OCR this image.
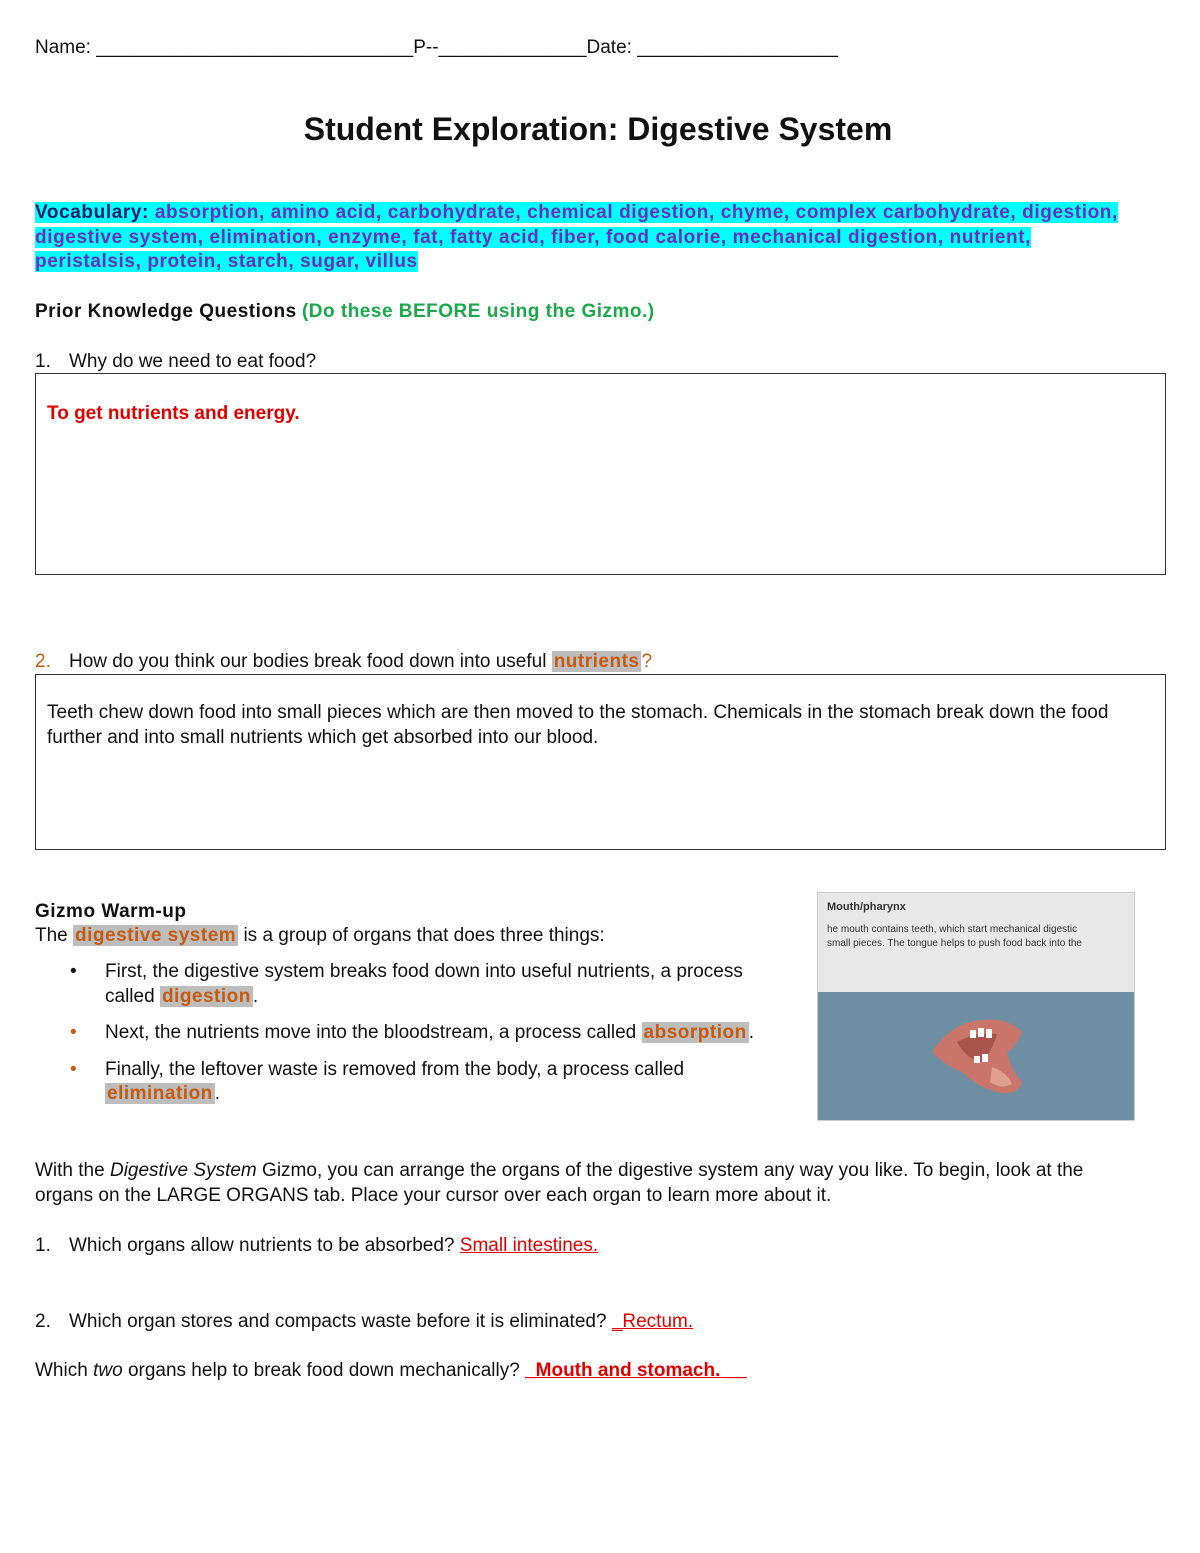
Name: ______________________________P--______________Date: ___________________
Student Exploration: Digestive System
Vocabulary: absorption, amino acid, carbohydrate, chemical digestion, chyme, complex carbohydrate, digestion, digestive system, elimination, enzyme, fat, fatty acid, fiber, food calorie, mechanical digestion, nutrient, peristalsis, protein, starch, sugar, villus
Prior Knowledge Questions (Do these BEFORE using the Gizmo.)
1. Why do we need to eat food?
To get nutrients and energy.
2. How do you think our bodies break food down into useful nutrients ?
Teeth chew down food into small pieces which are then moved to the stomach. Chemicals in the stomach break down the food further and into small nutrients which get absorbed into our blood.
Gizmo Warm-up
The digestive system is a group of organs that does three things:
•	First, the digestive system breaks food down into useful nutrients, a process called digestion .
•	Next, the nutrients move into the bloodstream, a process called absorption .
•	Finally, the leftover waste is removed from the body, a process called elimination .
Mouth/pharynx
he mouth contains teeth, which start mechanical digestic
small pieces. The tongue helps to push food back into the
With the Digestive System Gizmo, you can arrange the organs of the digestive system any way you like. To begin, look at the organs on the LARGE ORGANS tab. Place your cursor over each organ to learn more about it.
1. Which organs allow nutrients to be absorbed? Small intestines.
2. Which organ stores and compacts waste before it is eliminated? _Rectum.
Which two organs help to break food down mechanically? _Mouth and stomach. __
